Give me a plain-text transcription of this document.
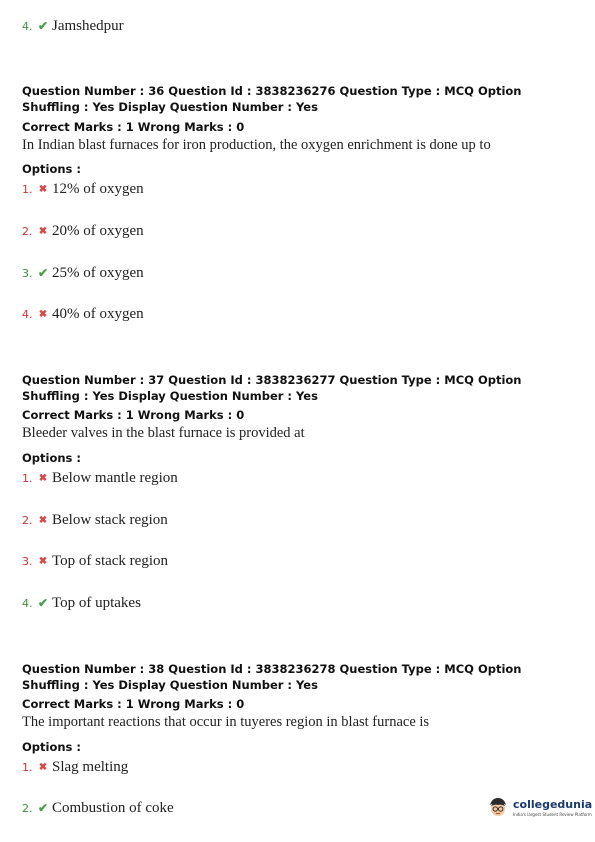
4. ✔ Jamshedpur
Question Number : 36 Question Id : 3838236276 Question Type : MCQ Option Shuffling : Yes Display Question Number : Yes
Correct Marks : 1 Wrong Marks : 0
In Indian blast furnaces for iron production, the oxygen enrichment is done up to
Options :
1. ✖ 12% of oxygen
2. ✖ 20% of oxygen
3. ✔ 25% of oxygen
4. ✖ 40% of oxygen
Question Number : 37 Question Id : 3838236277 Question Type : MCQ Option Shuffling : Yes Display Question Number : Yes
Correct Marks : 1 Wrong Marks : 0
Bleeder valves in the blast furnace is provided at
Options :
1. ✖ Below mantle region
2. ✖ Below stack region
3. ✖ Top of stack region
4. ✔ Top of uptakes
Question Number : 38 Question Id : 3838236278 Question Type : MCQ Option Shuffling : Yes Display Question Number : Yes
Correct Marks : 1 Wrong Marks : 0
The important reactions that occur in tuyeres region in blast furnace is
Options :
1. ✖ Slag melting
2. ✔ Combustion of coke	collegedunia
India's largest Student Review Platform
